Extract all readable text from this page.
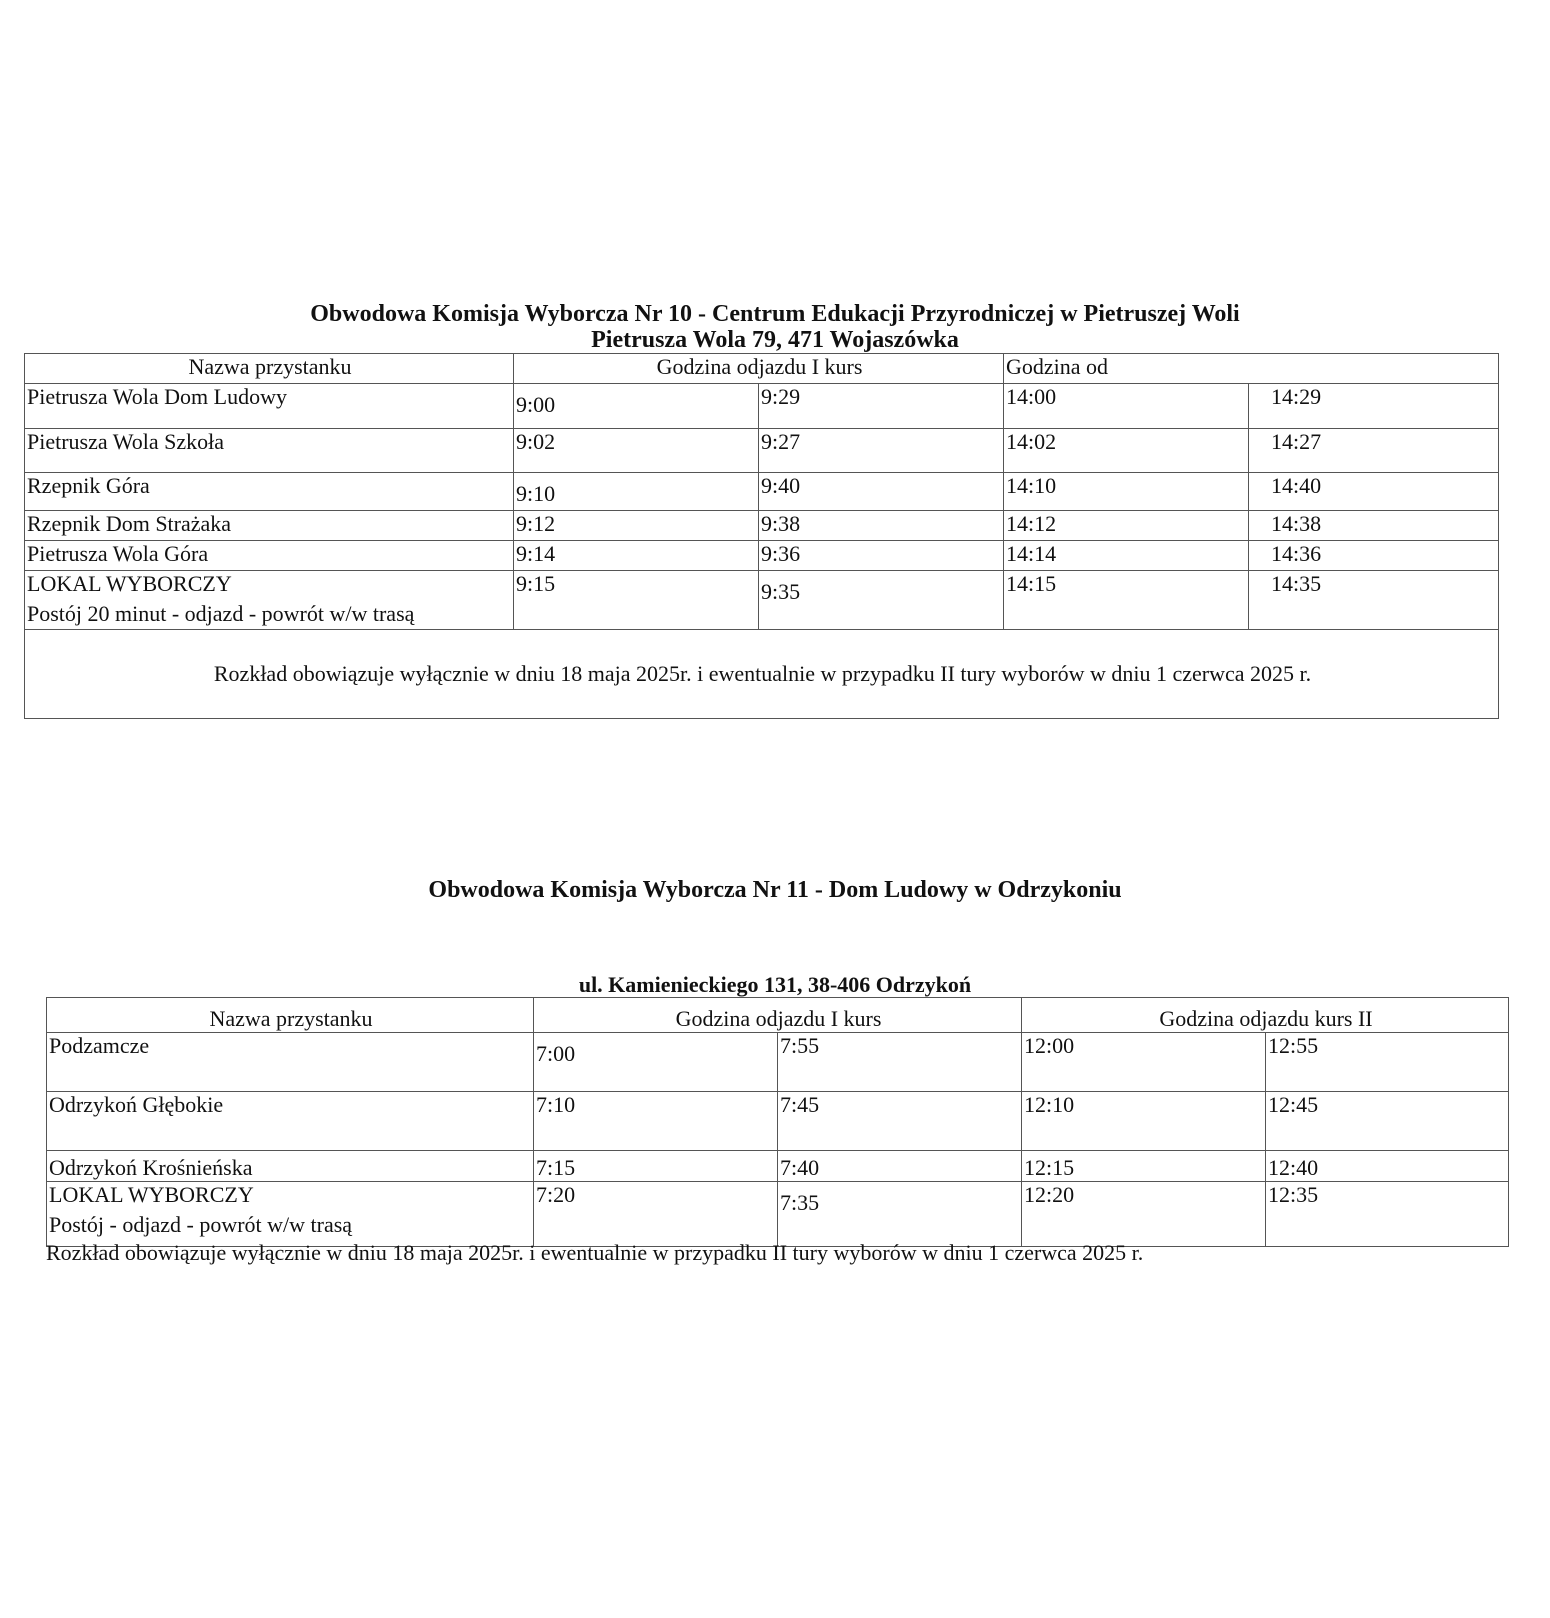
Obwodowa Komisja Wyborcza Nr 10 - Centrum Edukacji Przyrodniczej w Pietruszej Woli
Pietrusza Wola 79, 471 Wojaszówka
Nazwa przystanku	Godzina odjazdu I kurs		Godzina od	
Pietrusza Wola Dom Ludowy	9:00	9:29	14:00	14:29
Pietrusza Wola Szkoła	9:02	9:27	14:02	14:27
Rzepnik Góra	9:10	9:40	14:10	14:40
Rzepnik Dom Strażaka	9:12	9:38	14:12	14:38
Pietrusza Wola Góra	9:14	9:36	14:14	14:36
LOKAL WYBORCZY
Postój 20 minut - odjazd - powrót w/w trasą	9:15	9:35	14:15	14:35
Rozkład obowiązuje wyłącznie w dniu 18 maja 2025r. i ewentualnie w przypadku II tury wyborów w dniu 1 czerwca 2025 r.				
Obwodowa Komisja Wyborcza Nr 11 - Dom Ludowy w Odrzykoniu
ul. Kamienieckiego 131, 38-406 Odrzykoń
Nazwa przystanku	Godzina odjazdu I kurs		Godzina odjazdu kurs II	
Podzamcze	7:00	7:55	12:00	12:55
Odrzykoń Głębokie	7:10	7:45	12:10	12:45
Odrzykoń Krośnieńska	7:15	7:40	12:15	12:40
LOKAL WYBORCZY
Postój - odjazd - powrót w/w trasą	7:20	7:35	12:20	12:35
Rozkład obowiązuje wyłącznie w dniu 18 maja 2025r. i ewentualnie w przypadku II tury wyborów w dniu 1 czerwca 2025 r.
